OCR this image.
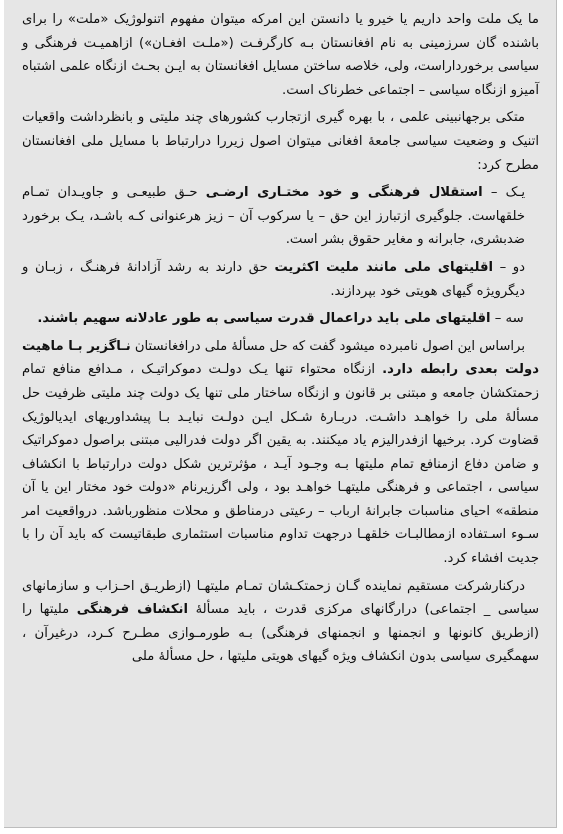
ما یک ملت واحد داریم یا خیرو یا دانستن این امرکه میتوان مفهوم اتنولوژیک «ملت» را برای باشنده گان سرزمینی به نام افغانستان بـه کارگرفـت («ملـت افغـان») ازاهمیـت فرهنگی و سیاسی برخورداراست، ولی، خلاصه ساختن مسایل افغانستان به ایـن بحـث ازنگاه علمی اشتباه آمیزو ازنگاه سیاسی – اجتماعی خطرناک است.

متکی برجهانبینی علمی ، با بهره گیری ازتجارب کشورهای چند ملیتی و بانظرداشت واقعیات اتنیک و وضعیت سیاسی جامعهٔ افغانی میتوان اصول زیررا درارتباط با مسایل ملی افغانستان مطرح کرد:

یـک – استقلال فرهنگی و خود مختـاری ارضـی حـق طبیعـی و جاویـدان تمـام خلقهاست. جلوگیری ازتبارز این حق – یا سرکوب آن – زیز هرعنوانی کـه باشـد، یـک برخورد ضدبشری، جابرانه و مغایر حقوق بشر است.

دو – اقلیتهای ملی مانند ملیت اکثریت حق دارند به رشد آزادانهٔ فرهنـگ ، زبـان و دیگرویژه گیهای هویتی خود بپردازند.

سه – اقلیتهای ملی باید دراعمال قدرت سیاسی به طور عادلانه سهیم باشند.

براساس این اصول نامبرده میشود گفت که حل مسألهٔ ملی درافغانستان نـاگزیر بـا ماهیت دولت بعدی رابطه دارد. ازنگاه محتواء تنها یـک دولـت دموکراتیـک ، مـدافع منافع تمام زحمتکشان جامعه و مبتنی بر قانون و ازنگاه ساختار ملی تنها یک دولت چند ملیتی ظرفیت حل مسألهٔ ملی را خواهـد داشـت. دربـارهٔ شـکل ایـن دولـت نبایـد بـا پیشداوریهای ایدیالوژیک قضاوت کرد. برخیها ازفدرالیزم یاد میکنند. به یقین اگر دولت فدرالیی مبتنی براصول دموکراتیک و ضامن دفاع ازمنافع تمام ملیتها بـه وجـود آیـد ، مؤثرترین شکل دولت درارتباط با انکشاف سیاسی ، اجتماعی و فرهنگی ملیتهـا خواهـد بود ، ولی اگرزیرنام «دولت خود مختار این یا آن منطقه» احیای مناسبات جابرانهٔ ارباب – رعیتی درمناطق و محلات منظورباشد. درواقعیت امر سـوء اسـتفاده ازمطالبـات خلقهـا درجهت تداوم مناسبات استثماری طبقاتیست که باید آن را با جدیت افشاء کرد.

درکنارشرکت مستقیم نماینده گـان زحمتکـشان تمـام ملیتهـا (ازطریـق احـزاب و سازمانهای سیاسی _ اجتماعی) درارگانهای مرکزی قدرت ، باید مسألهٔ انکشاف فرهنگی ملیتها را (ازطریق کانونها و انجمنها و انجمنهای فرهنگی) بـه طورمـوازی مطـرح کـرد، درغیرآن ، سهمگیری سیاسی بدون انکشاف ویژه گیهای هویتی ملیتها ، حل مسألهٔ ملی
